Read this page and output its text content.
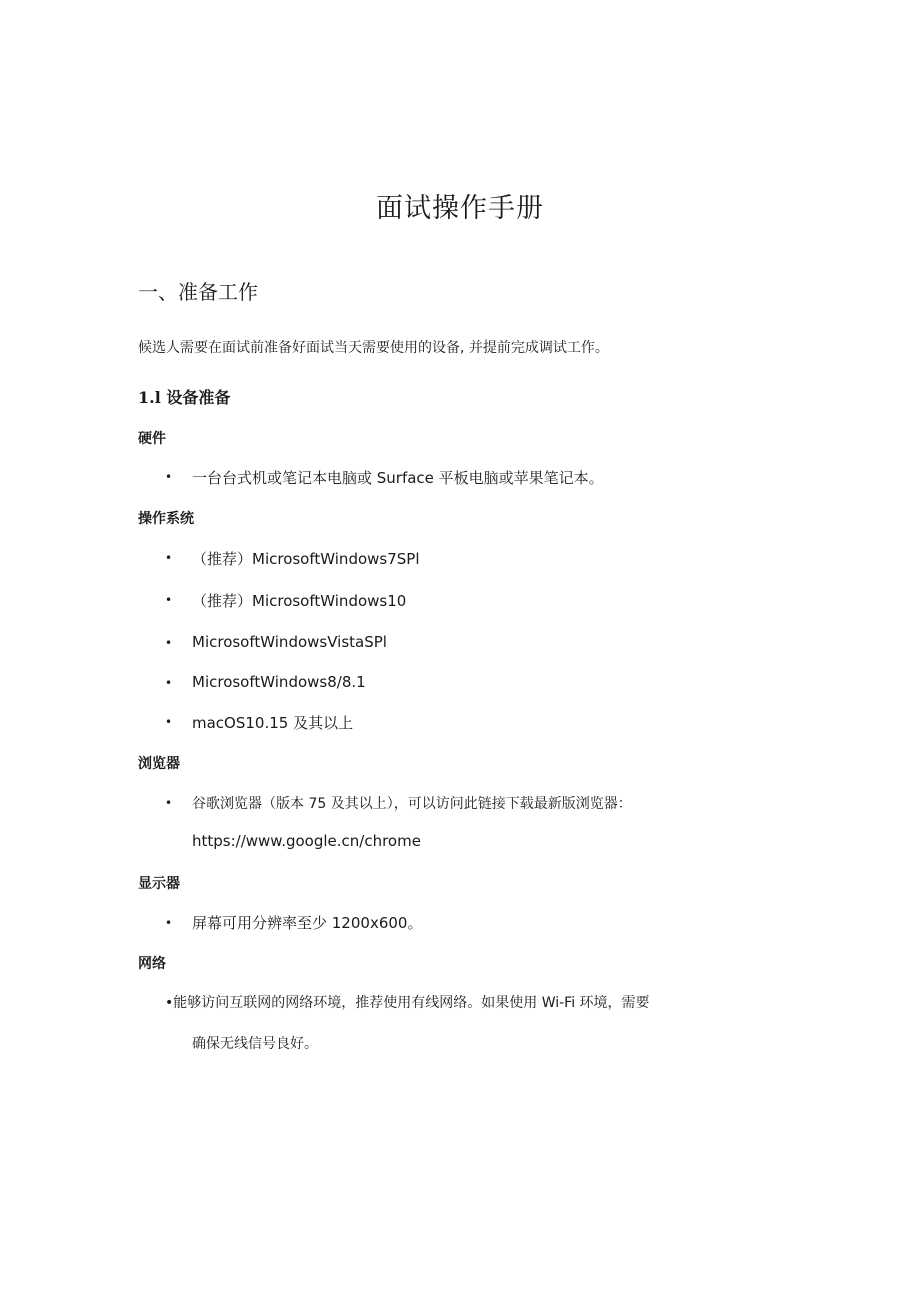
面试操作手册
一、准备工作
候选人需要在面试前准备好面试当天需要使用的设备, 并提前完成调试工作。
1.l 设备准备
硬件
• 一台台式机或笔记本电脑或 Surface 平板电脑或苹果笔记本。
操作系统
• （推荐）MicrosoftWindows7SPl
• （推荐）MicrosoftWindows10
• MicrosoftWindowsVistaSPl
• MicrosoftWindows8/8.1
• macOS10.15 及其以上
浏览器
• 谷歌浏览器（版本 75 及其以上），可以访问此链接下载最新版浏览器：
https://www.google.cn/chrome
显示器
• 屏幕可用分辨率至少 1200x600。
网络
•能够访问互联网的网络环境，推荐使用有线网络。如果使用 Wi-Fi 环境，需要
确保无线信号良好。
